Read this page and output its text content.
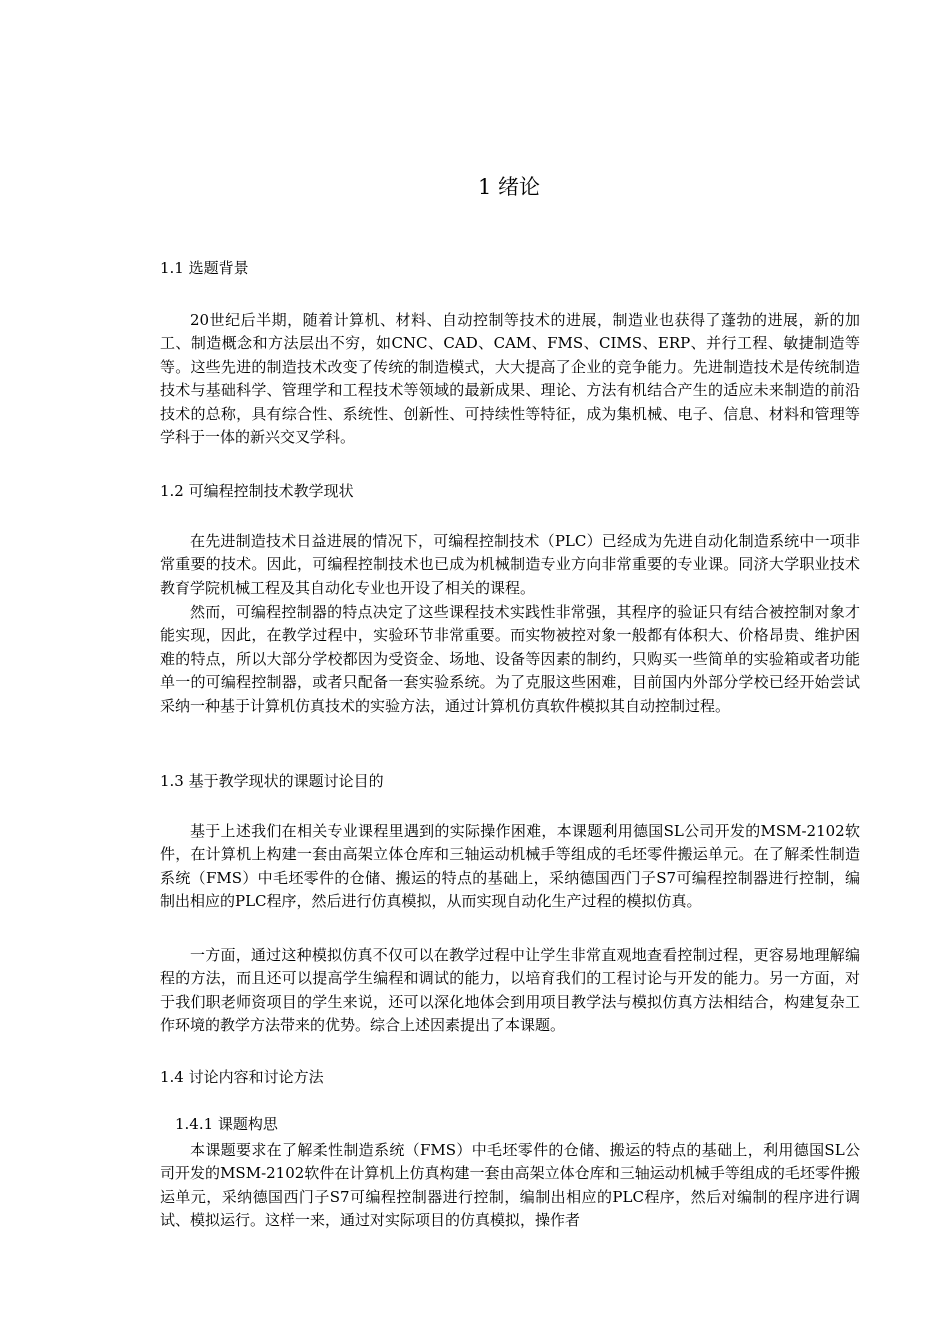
1 绪论
1.1 选题背景
20世纪后半期，随着计算机、材料、自动控制等技术的进展，制造业也获得了蓬勃的进展，新的加工、制造概念和方法层出不穷，如CNC、CAD、CAM、FMS、CIMS、ERP、并行工程、敏捷制造等等。这些先进的制造技术改变了传统的制造模式，大大提高了企业的竞争能力。先进制造技术是传统制造技术与基础科学、管理学和工程技术等领域的最新成果、理论、方法有机结合产生的适应未来制造的前沿技术的总称，具有综合性、系统性、创新性、可持续性等特征，成为集机械、电子、信息、材料和管理等学科于一体的新兴交叉学科。
1.2 可编程控制技术教学现状
在先进制造技术日益进展的情况下，可编程控制技术（PLC）已经成为先进自动化制造系统中一项非常重要的技术。因此，可编程控制技术也已成为机械制造专业方向非常重要的专业课。同济大学职业技术教育学院机械工程及其自动化专业也开设了相关的课程。
然而，可编程控制器的特点决定了这些课程技术实践性非常强，其程序的验证只有结合被控制对象才能实现，因此，在教学过程中，实验环节非常重要。而实物被控对象一般都有体积大、价格昂贵、维护困难的特点，所以大部分学校都因为受资金、场地、设备等因素的制约，只购买一些简单的实验箱或者功能单一的可编程控制器，或者只配备一套实验系统。为了克服这些困难，目前国内外部分学校已经开始尝试采纳一种基于计算机仿真技术的实验方法，通过计算机仿真软件模拟其自动控制过程。
1.3 基于教学现状的课题讨论目的
基于上述我们在相关专业课程里遇到的实际操作困难，本课题利用德国SL公司开发的MSM-2102软件，在计算机上构建一套由高架立体仓库和三轴运动机械手等组成的毛坯零件搬运单元。在了解柔性制造系统（FMS）中毛坯零件的仓储、搬运的特点的基础上，采纳德国西门子S7可编程控制器进行控制，编制出相应的PLC程序，然后进行仿真模拟，从而实现自动化生产过程的模拟仿真。
一方面，通过这种模拟仿真不仅可以在教学过程中让学生非常直观地查看控制过程，更容易地理解编程的方法，而且还可以提高学生编程和调试的能力，以培育我们的工程讨论与开发的能力。另一方面，对于我们职老师资项目的学生来说，还可以深化地体会到用项目教学法与模拟仿真方法相结合，构建复杂工作环境的教学方法带来的优势。综合上述因素提出了本课题。
1.4 讨论内容和讨论方法
1.4.1 课题构思
本课题要求在了解柔性制造系统（FMS）中毛坯零件的仓储、搬运的特点的基础上，利用德国SL公司开发的MSM-2102软件在计算机上仿真构建一套由高架立体仓库和三轴运动机械手等组成的毛坯零件搬运单元，采纳德国西门子S7可编程控制器进行控制，编制出相应的PLC程序，然后对编制的程序进行调试、模拟运行。这样一来，通过对实际项目的仿真模拟，操作者
